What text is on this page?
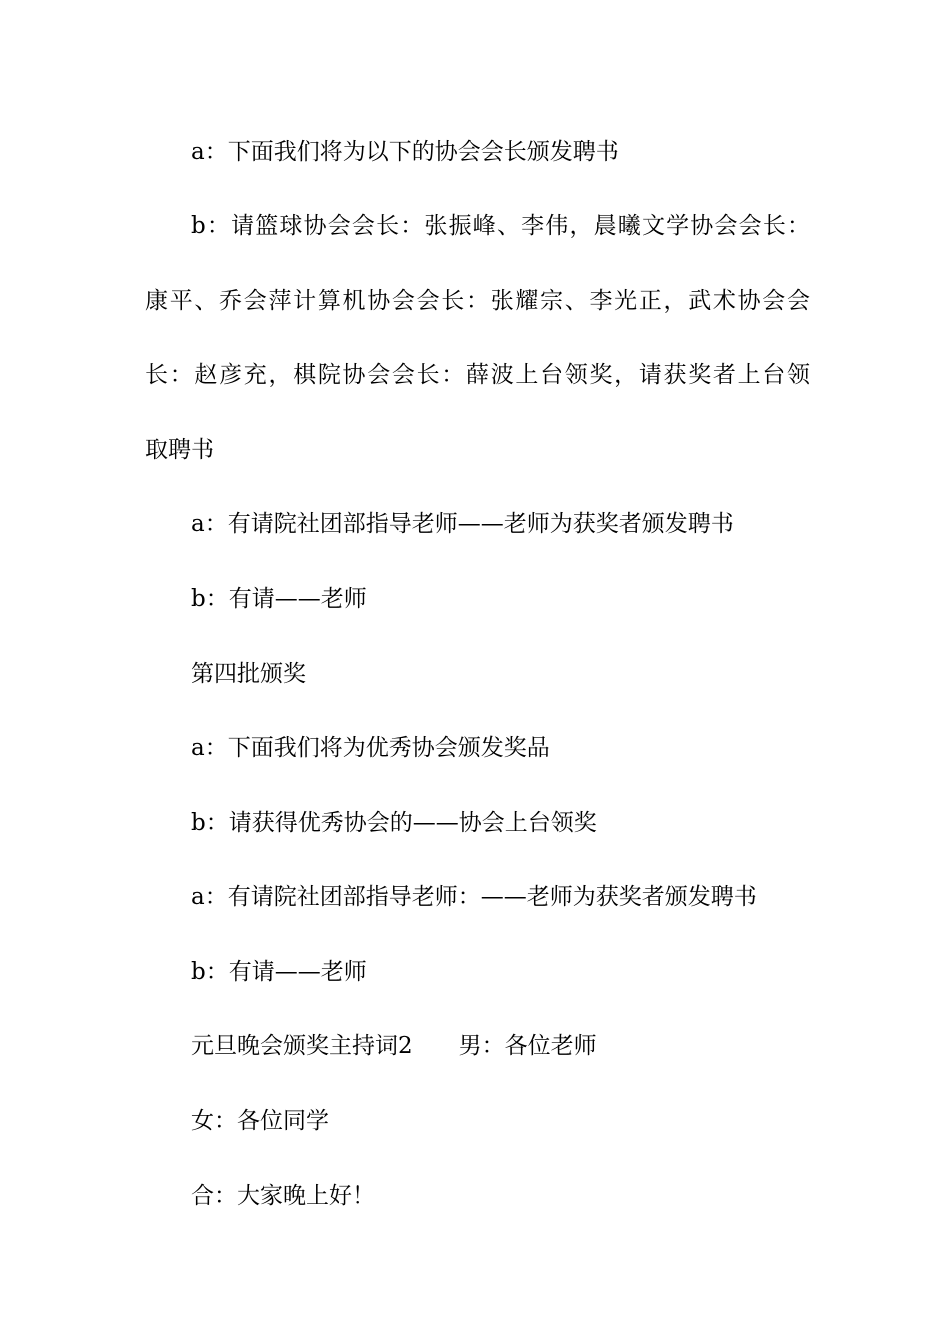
a：下面我们将为以下的协会会长颁发聘书
b：请篮球协会会长：张振峰、李伟，晨曦文学协会会长：
康平、乔会萍计算机协会会长：张耀宗、李光正，武术协会会
长：赵彦充，棋院协会会长：薛波上台领奖，请获奖者上台领
取聘书
a：有请院社团部指导老师——老师为获奖者颁发聘书
b：有请——老师
第四批颁奖
a：下面我们将为优秀协会颁发奖品
b：请获得优秀协会的——协会上台领奖
a：有请院社团部指导老师：——老师为获奖者颁发聘书
b：有请——老师
元旦晚会颁奖主持词2 男：各位老师
女：各位同学
合：大家晚上好！
